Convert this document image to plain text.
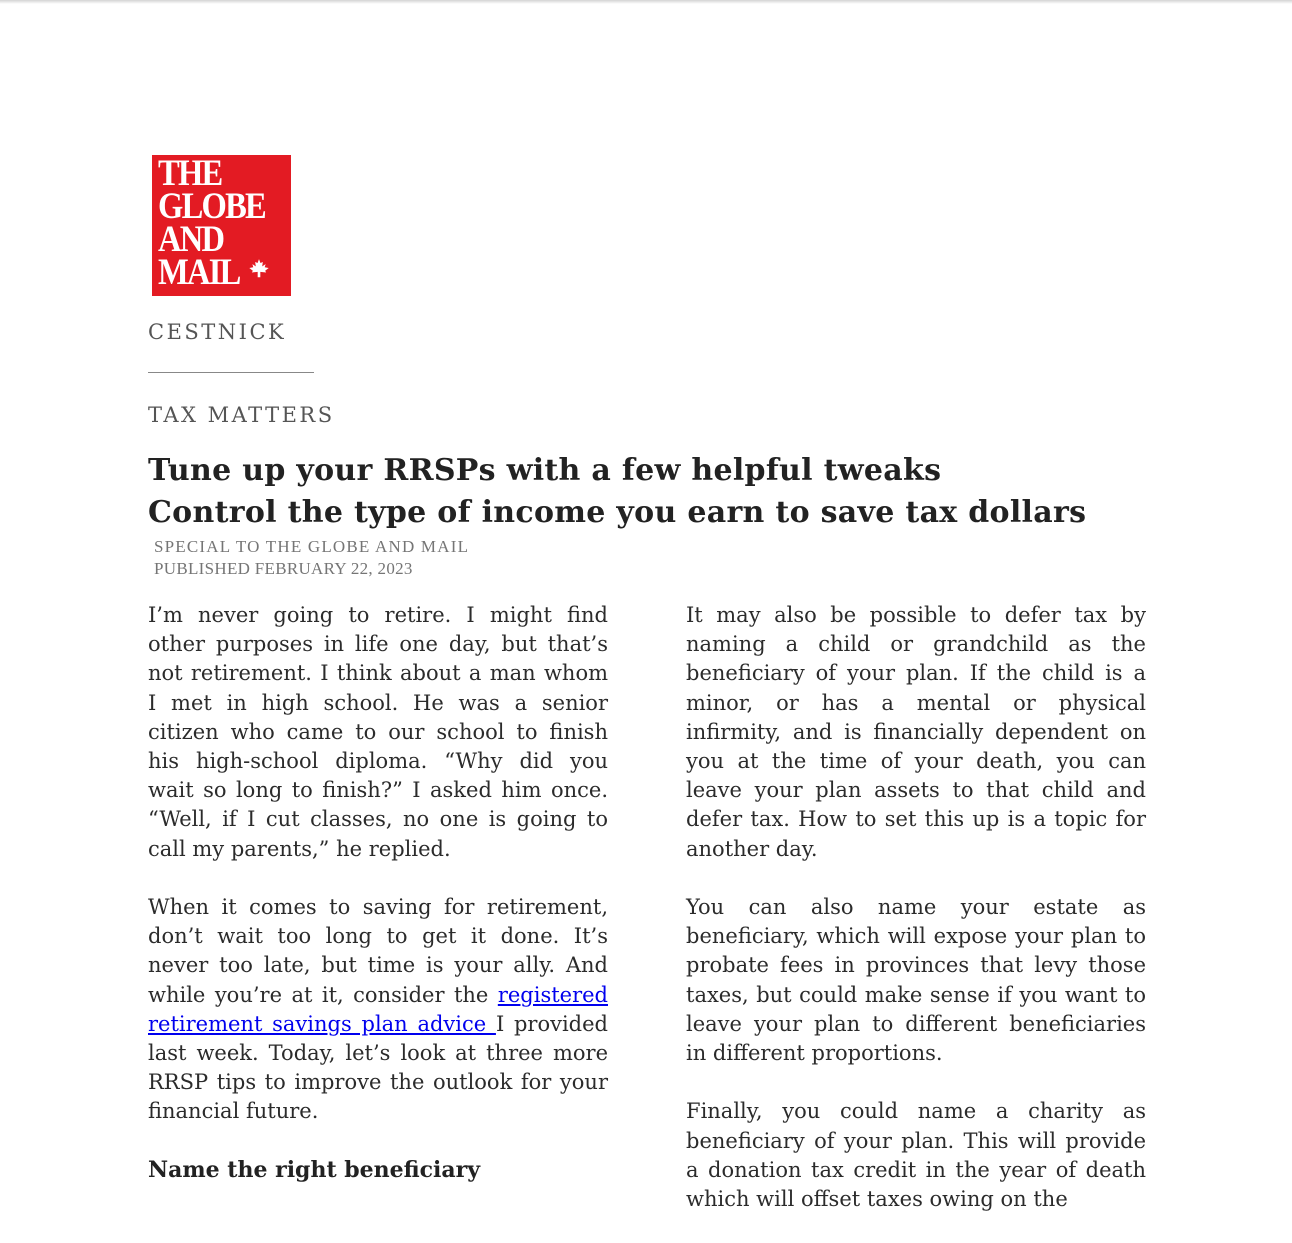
THE
GLOBE
AND
MAIL
CESTNICK
TAX MATTERS
Tune up your RRSPs with a few helpful tweaks
Control the type of income you earn to save tax dollars
SPECIAL TO THE GLOBE AND MAIL
PUBLISHED FEBRUARY 22, 2023

I’m never going to retire. I might find other purposes in life one day, but that’s not retirement. I think about a man whom I met in high school. He was a senior citizen who came to our school to finish his high-school diploma. “Why did you wait so long to finish?” I asked him once. “Well, if I cut classes, no one is going to call my parents,” he replied.

When it comes to saving for retirement, don’t wait too long to get it done. It’s never too late, but time is your ally. And while you’re at it, consider the registered retirement savings plan advice I provided last week. Today, let’s look at three more RRSP tips to improve the outlook for your financial future.

Name the right beneficiary

It may also be possible to defer tax by naming a child or grandchild as the beneficiary of your plan. If the child is a minor, or has a mental or physical infirmity, and is financially dependent on you at the time of your death, you can leave your plan assets to that child and defer tax. How to set this up is a topic for another day.

You can also name your estate as beneficiary, which will expose your plan to probate fees in provinces that levy those taxes, but could make sense if you want to leave your plan to different beneficiaries in different proportions.

Finally, you could name a charity as beneficiary of your plan. This will provide a donation tax credit in the year of death which will offset taxes owing on the
